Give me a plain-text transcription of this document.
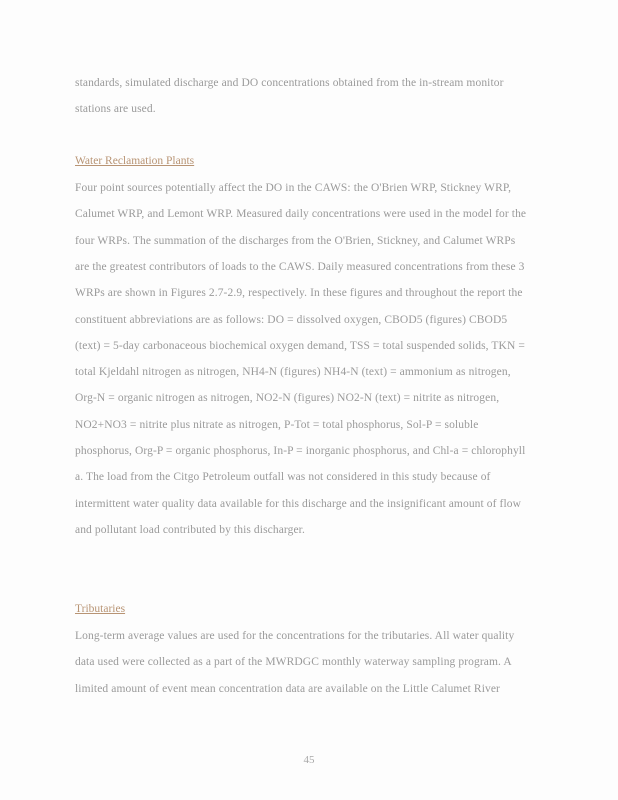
standards, simulated discharge and DO concentrations obtained from the in-stream monitor
stations are used.
Water Reclamation Plants
Four point sources potentially affect the DO in the CAWS: the O'Brien WRP, Stickney WRP,
Calumet WRP, and Lemont WRP. Measured daily concentrations were used in the model for the
four WRPs. The summation of the discharges from the O'Brien, Stickney, and Calumet WRPs
are the greatest contributors of loads to the CAWS. Daily measured concentrations from these 3
WRPs are shown in Figures 2.7-2.9, respectively. In these figures and throughout the report the
constituent abbreviations are as follows: DO = dissolved oxygen, CBOD5 (figures) CBOD5
(text) = 5-day carbonaceous biochemical oxygen demand, TSS = total suspended solids, TKN =
total Kjeldahl nitrogen as nitrogen, NH4-N (figures) NH4-N (text) = ammonium as nitrogen,
Org-N = organic nitrogen as nitrogen, NO2-N (figures) NO2-N (text) = nitrite as nitrogen,
NO2+NO3 = nitrite plus nitrate as nitrogen, P-Tot = total phosphorus, Sol-P = soluble
phosphorus, Org-P = organic phosphorus, In-P = inorganic phosphorus, and Chl-a = chlorophyll
a. The load from the Citgo Petroleum outfall was not considered in this study because of
intermittent water quality data available for this discharge and the insignificant amount of flow
and pollutant load contributed by this discharger.
Tributaries
Long-term average values are used for the concentrations for the tributaries. All water quality
data used were collected as a part of the MWRDGC monthly waterway sampling program. A
limited amount of event mean concentration data are available on the Little Calumet River
45
